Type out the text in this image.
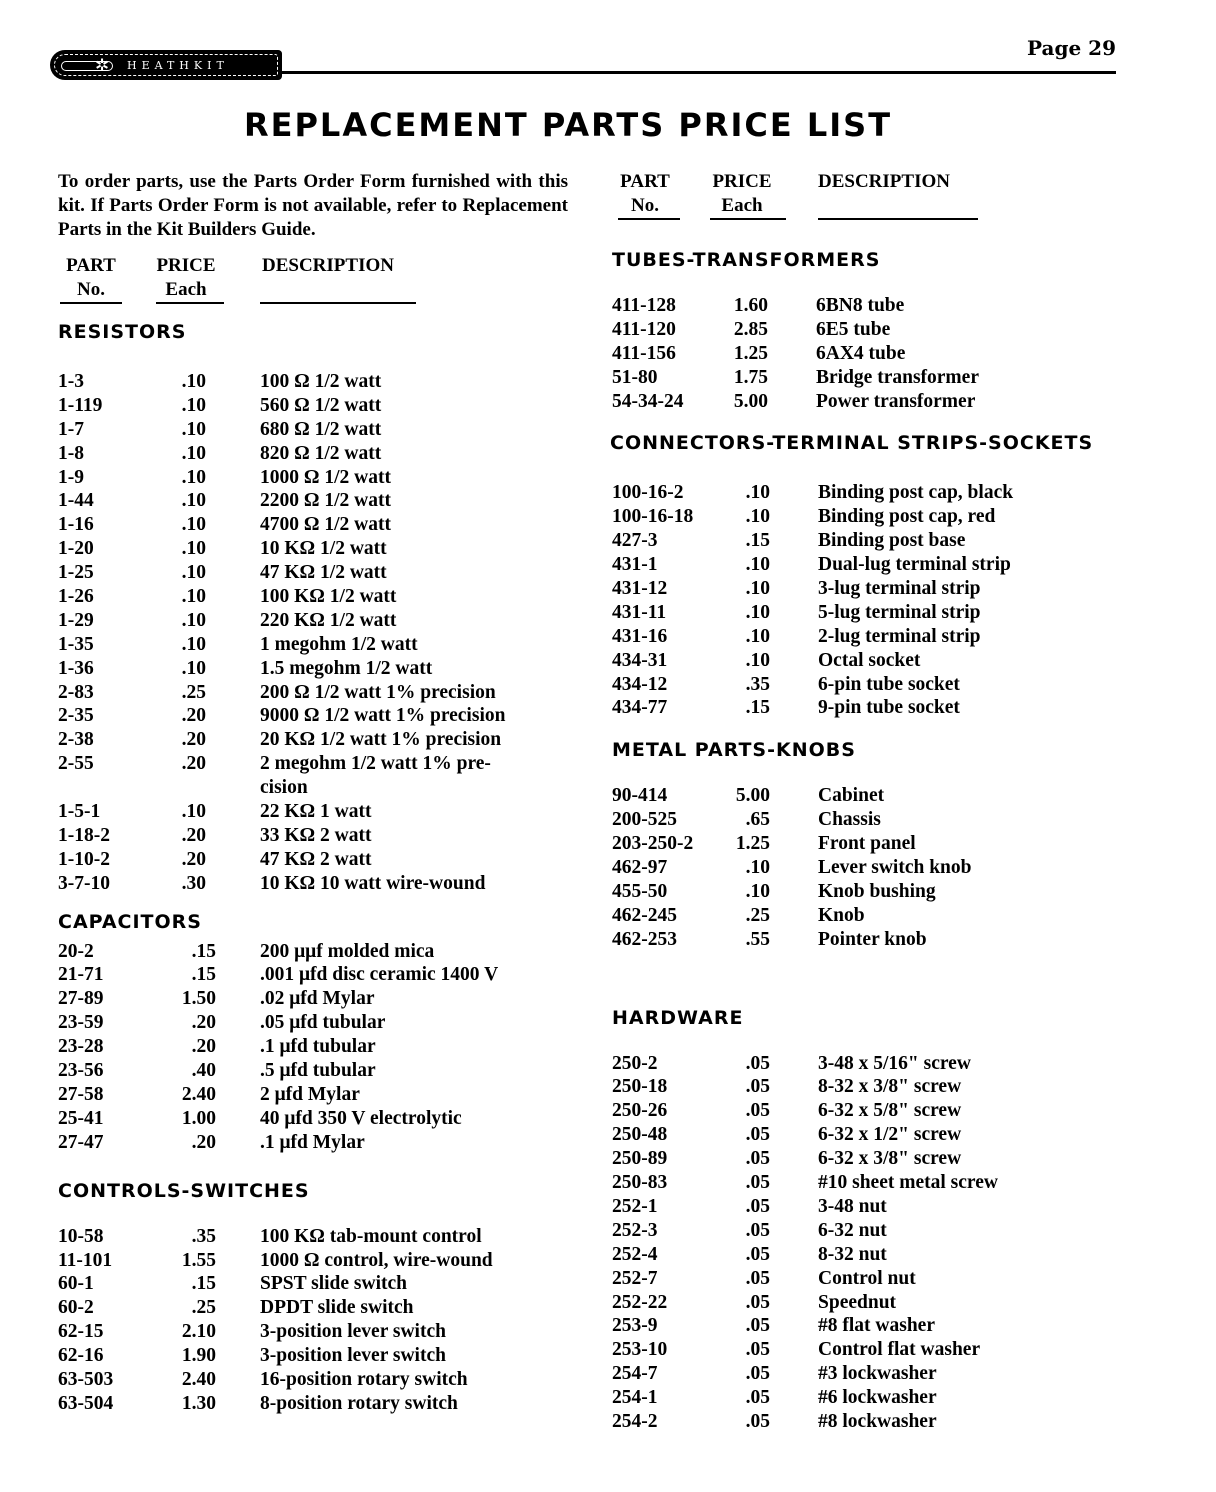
✲ HEATHKIT
Page 29
REPLACEMENT PARTS PRICE LIST

To order parts, use the Parts Order Form furnished with this kit. If Parts Order Form is not available, refer to Replacement Parts in the Kit Builders Guide.

PART
No.
PRICE
Each
DESCRIPTION
RESISTORS
1-3	.10	100 Ω 1/2 watt
1-119	.10	560 Ω 1/2 watt
1-7	.10	680 Ω 1/2 watt
1-8	.10	820 Ω 1/2 watt
1-9	.10	1000 Ω 1/2 watt
1-44	.10	2200 Ω 1/2 watt
1-16	.10	4700 Ω 1/2 watt
1-20	.10	10 KΩ 1/2 watt
1-25	.10	47 KΩ 1/2 watt
1-26	.10	100 KΩ 1/2 watt
1-29	.10	220 KΩ 1/2 watt
1-35	.10	1 megohm 1/2 watt
1-36	.10	1.5 megohm 1/2 watt
2-83	.25	200 Ω 1/2 watt 1% precision
2-35	.20	9000 Ω 1/2 watt 1% precision
2-38	.20	20 KΩ 1/2 watt 1% precision
2-55	.20	2 megohm 1/2 watt 1% pre-
cision
1-5-1	.10	22 KΩ 1 watt
1-18-2	.20	33 KΩ 2 watt
1-10-2	.20	47 KΩ 2 watt
3-7-10	.30	10 KΩ 10 watt wire-wound
CAPACITORS
20-2	.15 200 μμf molded mica
21-71	.15 .001 μfd disc ceramic 1400 V
27-89	1.50 .02 μfd Mylar
23-59	.20 .05 μfd tubular
23-28	.20 .1 μfd tubular
23-56	.40 .5 μfd tubular
27-58	2.40 2 μfd Mylar
25-41	1.00 40 μfd 350 V electrolytic
27-47	.20 .1 μfd Mylar
CONTROLS-SWITCHES
10-58	.35 100 KΩ tab-mount control
11-101	1.55 1000 Ω control, wire-wound
60-1	.15 SPST slide switch
60-2	.25 DPDT slide switch
62-15	2.10 3-position lever switch
62-16	1.90 3-position lever switch
63-503	2.40 16-position rotary switch
63-504	1.30 8-position rotary switch
PART
No.
PRICE
Each
DESCRIPTION
TUBES-TRANSFORMERS
411-128	1.60 6BN8 tube
411-120	2.85 6E5 tube
411-156	1.25 6AX4 tube
51-80	1.75 Bridge transformer
54-34-24	5.00 Power transformer
CONNECTORS-TERMINAL STRIPS-SOCKETS
100-16-2	.10 Binding post cap, black
100-16-18	.10 Binding post cap, red
427-3	.15 Binding post base
431-1	.10 Dual-lug terminal strip
431-12	.10 3-lug terminal strip
431-11	.10 5-lug terminal strip
431-16	.10 2-lug terminal strip
434-31	.10 Octal socket
434-12	.35 6-pin tube socket
434-77	.15 9-pin tube socket
METAL PARTS-KNOBS
90-414	5.00 Cabinet
200-525	.65 Chassis
203-250-2	1.25 Front panel
462-97	.10 Lever switch knob
455-50	.10 Knob bushing
462-245	.25 Knob
462-253	.55 Pointer knob
HARDWARE
250-2	.05 3-48 x 5/16" screw
250-18	.05 8-32 x 3/8" screw
250-26	.05 6-32 x 5/8" screw
250-48	.05 6-32 x 1/2" screw
250-89	.05 6-32 x 3/8" screw
250-83	.05 #10 sheet metal screw
252-1	.05 3-48 nut
252-3	.05 6-32 nut
252-4	.05 8-32 nut
252-7	.05 Control nut
252-22	.05 Speednut
253-9	.05 #8 flat washer
253-10	.05 Control flat washer
254-7	.05 #3 lockwasher
254-1	.05 #6 lockwasher
254-2	.05 #8 lockwasher
